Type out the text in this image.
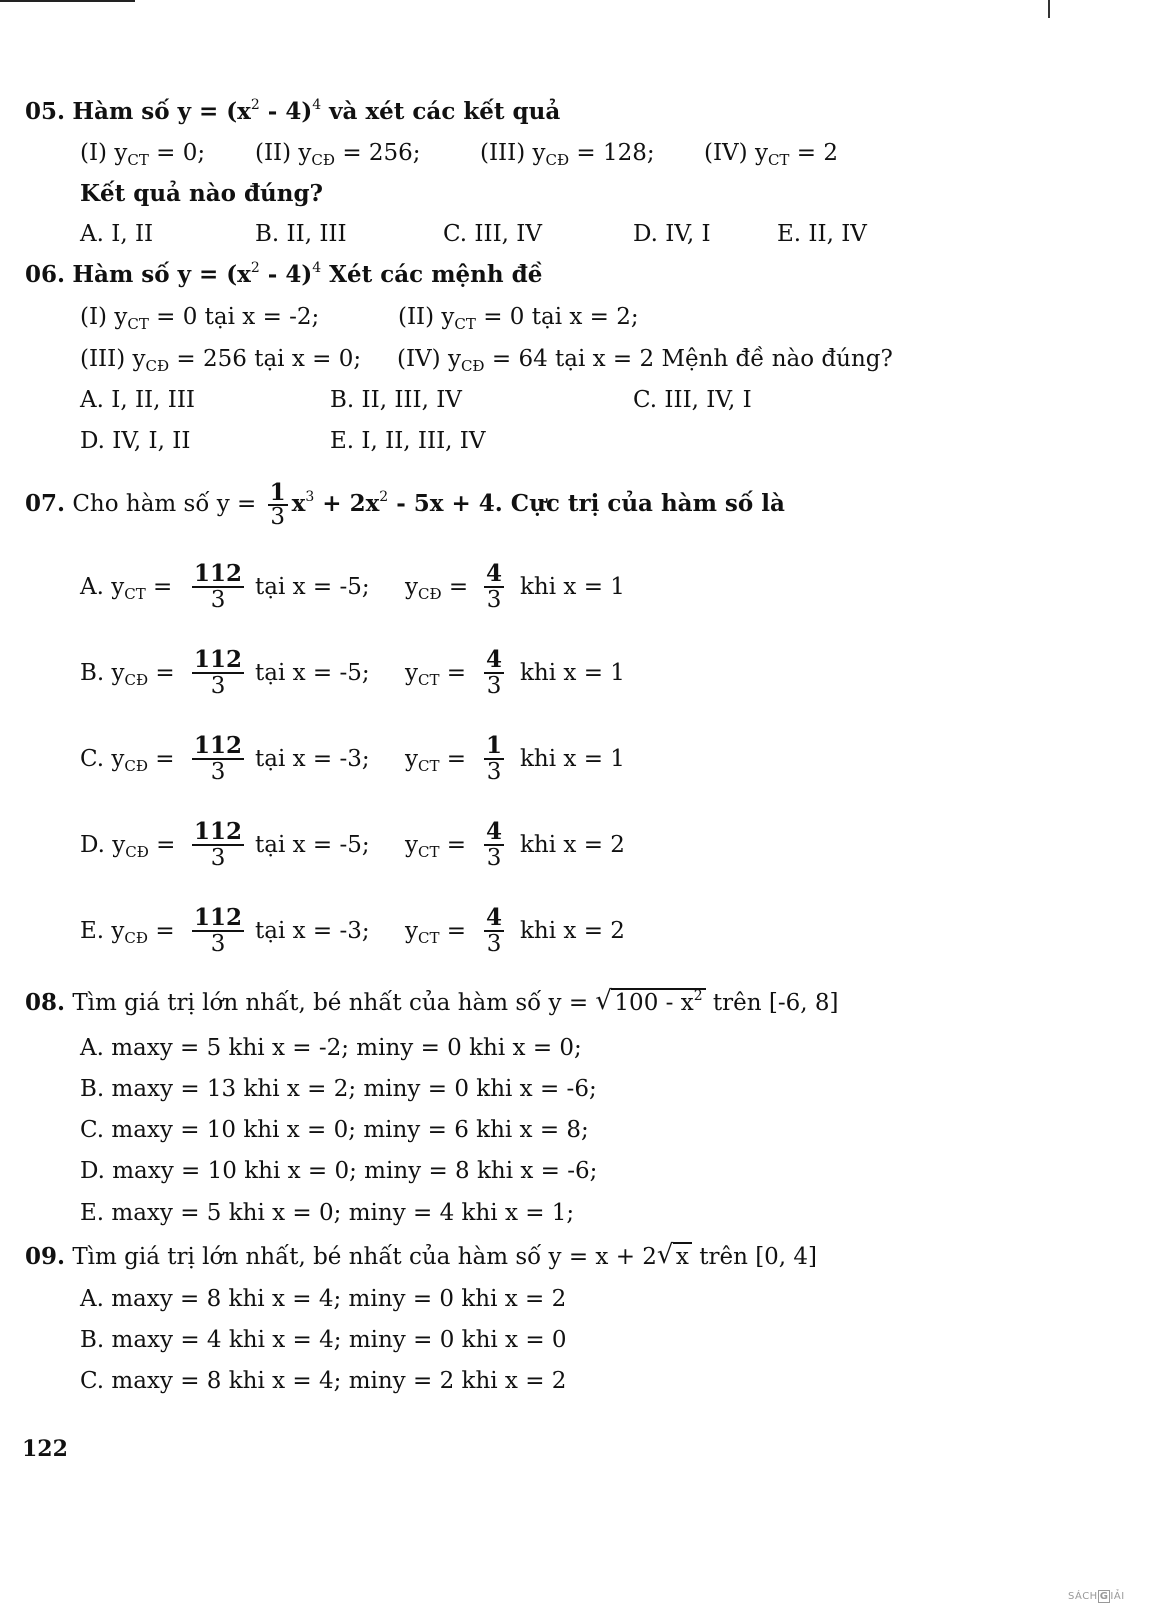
05. Hàm số $y = (x^2 - 4)^4$ và xét các kết quả
(I) $y_{CT} = 0$; (II) $y_{CĐ} = 256$;	(III) $y_{CĐ} = 128$; (IV) $y_{CT} = 2$
Kết quả nào đúng?
A. I, II	B. II, III	C. III, IV	D. IV, I	E. II, IV
06. Hàm số $y = (x^2 - 4)^4$ Xét các mệnh đề
(I) $y_{CT} = 0$ tại x = -2;	(II) $y_{CT} = 0$ tại x = 2;
(III) $y_{CĐ} = 256$ tại x = 0; (IV) $y_{CĐ} = 64$ tại x = 2 Mệnh đề nào đúng?
A. I, II, III	B. II, III, IV	C. III, IV, I
D. IV, I, II	E. I, II, III, IV
07. Cho hàm số $y = \frac{1}{3} x^3 + 2x^2 - 5x + 4$. Cực trị của hàm số là
A. $y_{CT} = \frac{112}{3}$ tại x = -5; $y_{CĐ} = \frac{4}{3}$ khi x = 1
B. $y_{CĐ} = \frac{112}{3}$ tại x = -5; $y_{CT} = \frac{4}{3}$ khi x = 1
C. $y_{CĐ} = \frac{112}{3}$ tại x = -3; $y_{CT} = \frac{1}{3}$ khi x = 1
D. $y_{CĐ} = \frac{112}{3}$ tại x = -5; $y_{CT} = \frac{4}{3}$ khi x = 2
E. $y_{CĐ} = \frac{112}{3}$ tại x = -3; $y_{CT} = \frac{4}{3}$ khi x = 2
08. Tìm giá trị lớn nhất, bé nhất của hàm số y = √ $100 - x^2$ trên [-6, 8]
A. maxy = 5 khi x = -2; miny = 0 khi x = 0;
B. maxy = 13 khi x = 2; miny = 0 khi x = -6;
C. maxy = 10 khi x = 0; miny = 6 khi x = 8;
D. maxy = 10 khi x = 0; miny = 8 khi x = -6;
E. maxy = 5 khi x = 0; miny = 4 khi x = 1;
09. Tìm giá trị lớn nhất, bé nhất của hàm số y = x + 2√ x trên [0, 4]
A. maxy = 8 khi x = 4; miny = 0 khi x = 2
B. maxy = 4 khi x = 4; miny = 0 khi x = 0
C. maxy = 8 khi x = 4; miny = 2 khi x = 2
122
SÁCH G IẢI
